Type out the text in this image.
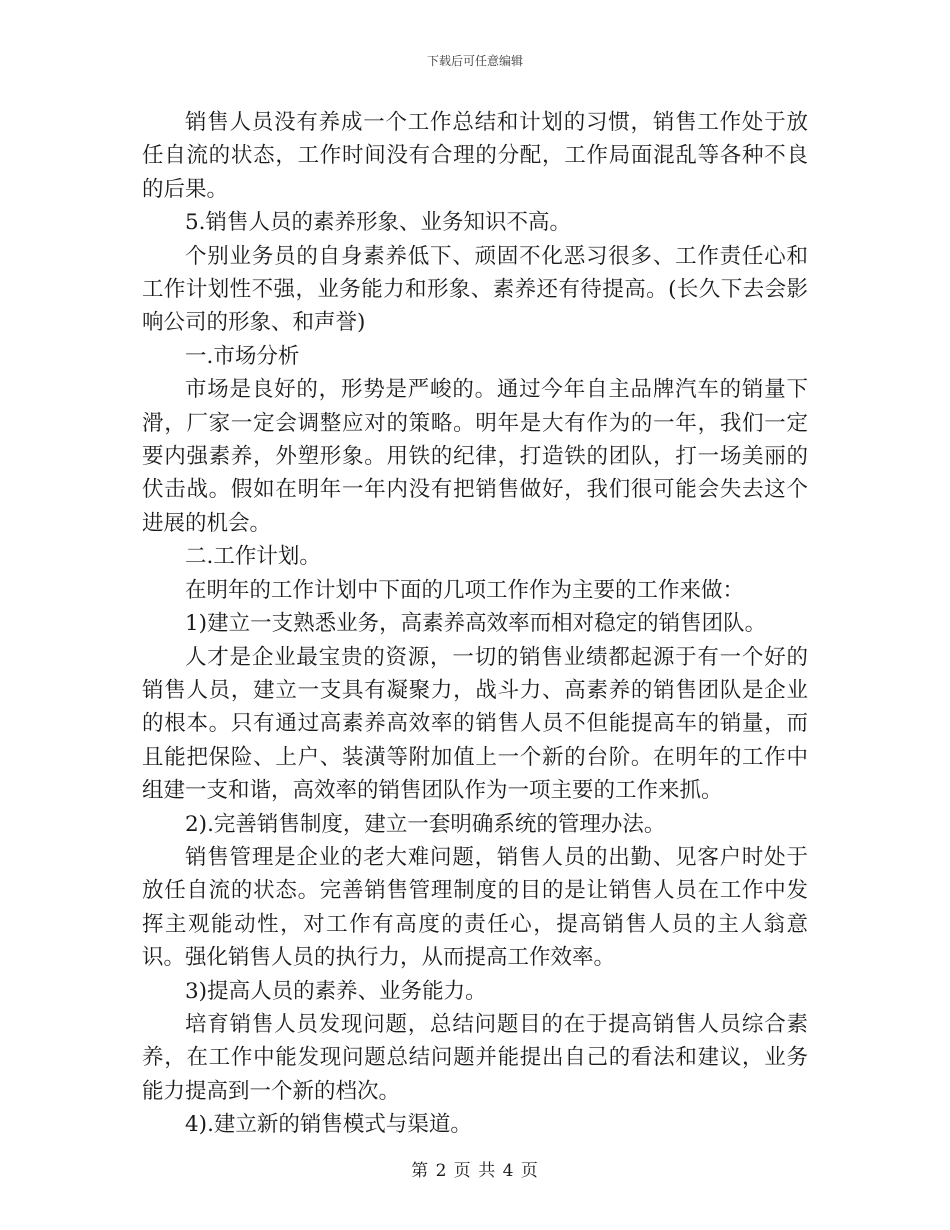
下载后可任意编辑

销售人员没有养成一个工作总结和计划的习惯，销售工作处于放任自流的状态，工作时间没有合理的分配，工作局面混乱等各种不良的后果。

5.销售人员的素养形象、业务知识不高。

个别业务员的自身素养低下、顽固不化恶习很多、工作责任心和工作计划性不强，业务能力和形象、素养还有待提高。(长久下去会影响公司的形象、和声誉)

一.市场分析

市场是良好的，形势是严峻的。通过今年自主品牌汽车的销量下滑，厂家一定会调整应对的策略。明年是大有作为的一年，我们一定要内强素养，外塑形象。用铁的纪律，打造铁的团队，打一场美丽的伏击战。假如在明年一年内没有把销售做好，我们很可能会失去这个进展的机会。

二.工作计划。

在明年的工作计划中下面的几项工作作为主要的工作来做：

1)建立一支熟悉业务，高素养高效率而相对稳定的销售团队。

人才是企业最宝贵的资源，一切的销售业绩都起源于有一个好的销售人员，建立一支具有凝聚力，战斗力、高素养的销售团队是企业的根本。只有通过高素养高效率的销售人员不但能提高车的销量，而且能把保险、上户、装潢等附加值上一个新的台阶。在明年的工作中组建一支和谐，高效率的销售团队作为一项主要的工作来抓。

2).完善销售制度，建立一套明确系统的管理办法。

销售管理是企业的老大难问题，销售人员的出勤、见客户时处于放任自流的状态。完善销售管理制度的目的是让销售人员在工作中发挥主观能动性，对工作有高度的责任心，提高销售人员的主人翁意识。强化销售人员的执行力，从而提高工作效率。

3)提高人员的素养、业务能力。

培育销售人员发现问题，总结问题目的在于提高销售人员综合素养，在工作中能发现问题总结问题并能提出自己的看法和建议，业务能力提高到一个新的档次。

4).建立新的销售模式与渠道。

第 2 页 共 4 页
